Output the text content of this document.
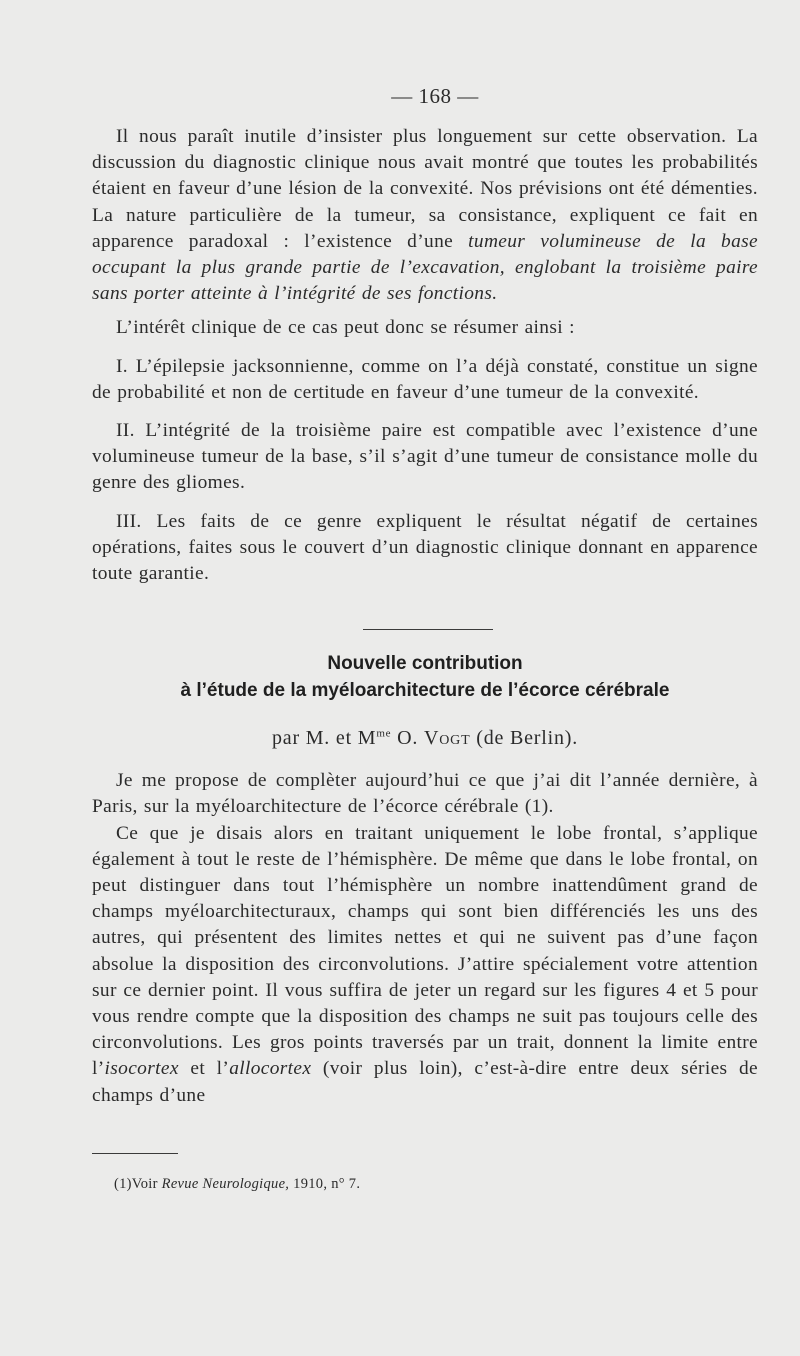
— 168 —

Il nous paraît inutile d’insister plus longuement sur cette observation. La discussion du diagnostic clinique nous avait montré que toutes les probabilités étaient en faveur d’une lésion de la convexité. Nos prévisions ont été démenties. La nature particulière de la tumeur, sa consistance, expliquent ce fait en apparence paradoxal : l’existence d’une tumeur volumineuse de la base occupant la plus grande partie de l’excavation, englobant la troisième paire sans porter atteinte à l’intégrité de ses fonctions.

L’intérêt clinique de ce cas peut donc se résumer ainsi :

I. L’épilepsie jacksonnienne, comme on l’a déjà constaté, constitue un signe de probabilité et non de certitude en faveur d’une tumeur de la convexité.

II. L’intégrité de la troisième paire est compatible avec l’existence d’une volumineuse tumeur de la base, s’il s’agit d’une tumeur de consistance molle du genre des gliomes.

III. Les faits de ce genre expliquent le résultat négatif de certaines opérations, faites sous le couvert d’un diagnostic clinique donnant en apparence toute garantie.

Nouvelle contribution
à l’étude de la myéloarchitecture de l’écorce cérébrale
par M. et $M^{me}$ O. Vogt (de Berlin).

Je me propose de complèter aujourd’hui ce que j’ai dit l’année dernière, à Paris, sur la myéloarchitecture de l’écorce cérébrale (1).

Ce que je disais alors en traitant uniquement le lobe frontal, s’applique également à tout le reste de l’hémisphère. De même que dans le lobe frontal, on peut distinguer dans tout l’hémisphère un nombre inattendûment grand de champs myéloarchitecturaux, champs qui sont bien différenciés les uns des autres, qui présentent des limites nettes et qui ne suivent pas d’une façon absolue la disposition des circonvolutions. J’attire spécialement votre attention sur ce dernier point. Il vous suffira de jeter un regard sur les figures 4 et 5 pour vous rendre compte que la disposition des champs ne suit pas toujours celle des circonvolutions. Les gros points traversés par un trait, donnent la limite entre l’isocortex et l’allocortex (voir plus loin), c’est-à-dire entre deux séries de champs d’une

(1)Voir Revue Neurologique, 1910, n° 7.
